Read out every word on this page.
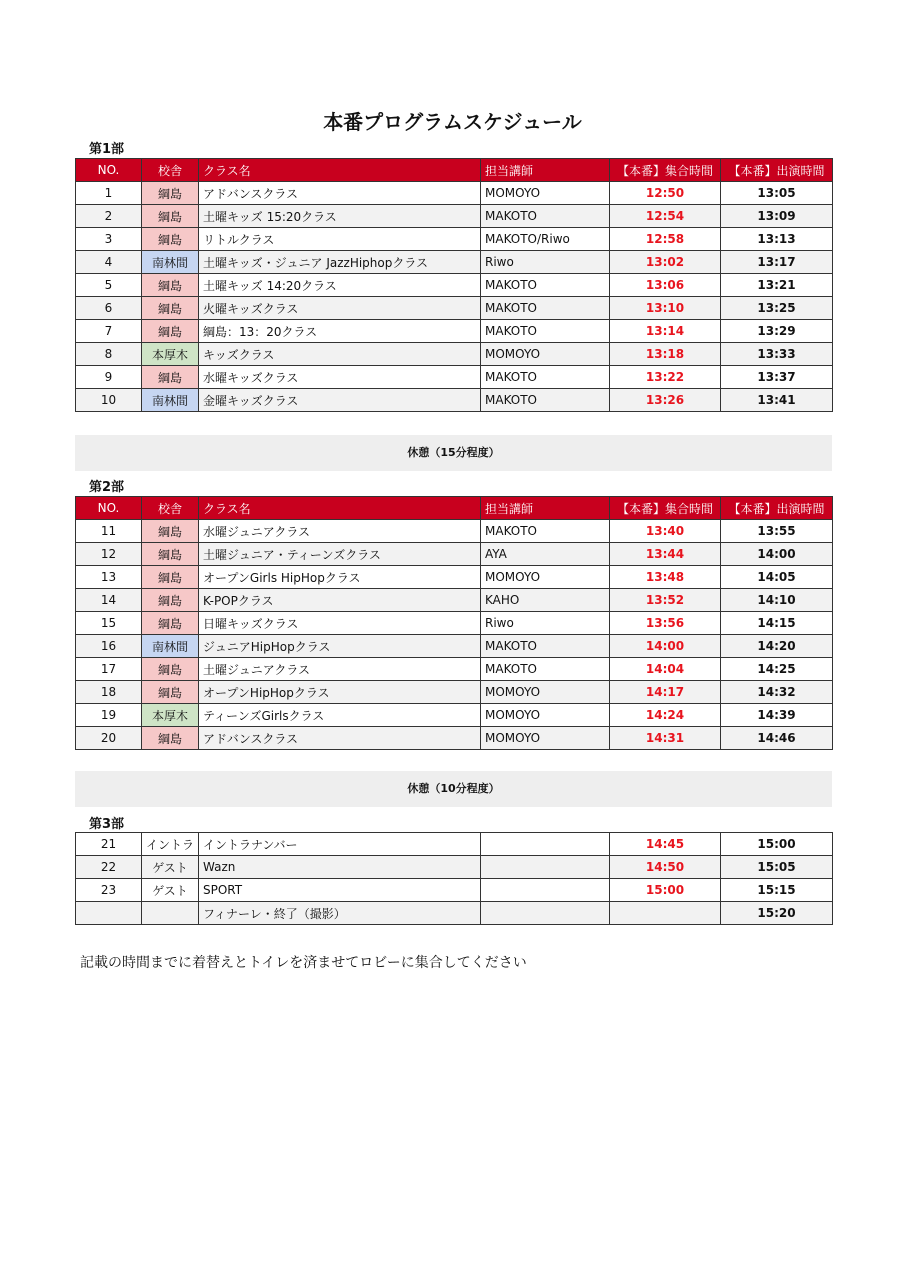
本番プログラムスケジュール
第1部
NO.	校舎	クラス名	担当講師	【本番】集合時間	【本番】出演時間
1	綱島	アドバンスクラス	MOMOYO	12:50	13:05
2	綱島	土曜キッズ 15:20クラス	MAKOTO	12:54	13:09
3	綱島	リトルクラス	MAKOTO/Riwo	12:58	13:13
4	南林間	土曜キッズ・ジュニア JazzHiphopクラス	Riwo	13:02	13:17
5	綱島	土曜キッズ 14:20クラス	MAKOTO	13:06	13:21
6	綱島	火曜キッズクラス	MAKOTO	13:10	13:25
7	綱島	綱島：13：20クラス	MAKOTO	13:14	13:29
8	本厚木	キッズクラス	MOMOYO	13:18	13:33
9	綱島	水曜キッズクラス	MAKOTO	13:22	13:37
10	南林間	金曜キッズクラス	MAKOTO	13:26	13:41
休憩（15分程度）
第2部
NO.	校舎	クラス名	担当講師	【本番】集合時間	【本番】出演時間
11	綱島	水曜ジュニアクラス	MAKOTO	13:40	13:55
12	綱島	土曜ジュニア・ティーンズクラス	AYA	13:44	14:00
13	綱島	オープンGirls HipHopクラス	MOMOYO	13:48	14:05
14	綱島	K-POPクラス	KAHO	13:52	14:10
15	綱島	日曜キッズクラス	Riwo	13:56	14:15
16	南林間	ジュニアHipHopクラス	MAKOTO	14:00	14:20
17	綱島	土曜ジュニアクラス	MAKOTO	14:04	14:25
18	綱島	オープンHipHopクラス	MOMOYO	14:17	14:32
19	本厚木	ティーンズGirlsクラス	MOMOYO	14:24	14:39
20	綱島	アドバンスクラス	MOMOYO	14:31	14:46
休憩（10分程度）
第3部
21	イントラ	イントラナンバー		14:45	15:00
22	ゲスト	Wazn		14:50	15:05
23	ゲスト	SPORT		15:00	15:15
		フィナーレ・終了（撮影）			15:20
記載の時間までに着替えとトイレを済ませてロビーに集合してください
